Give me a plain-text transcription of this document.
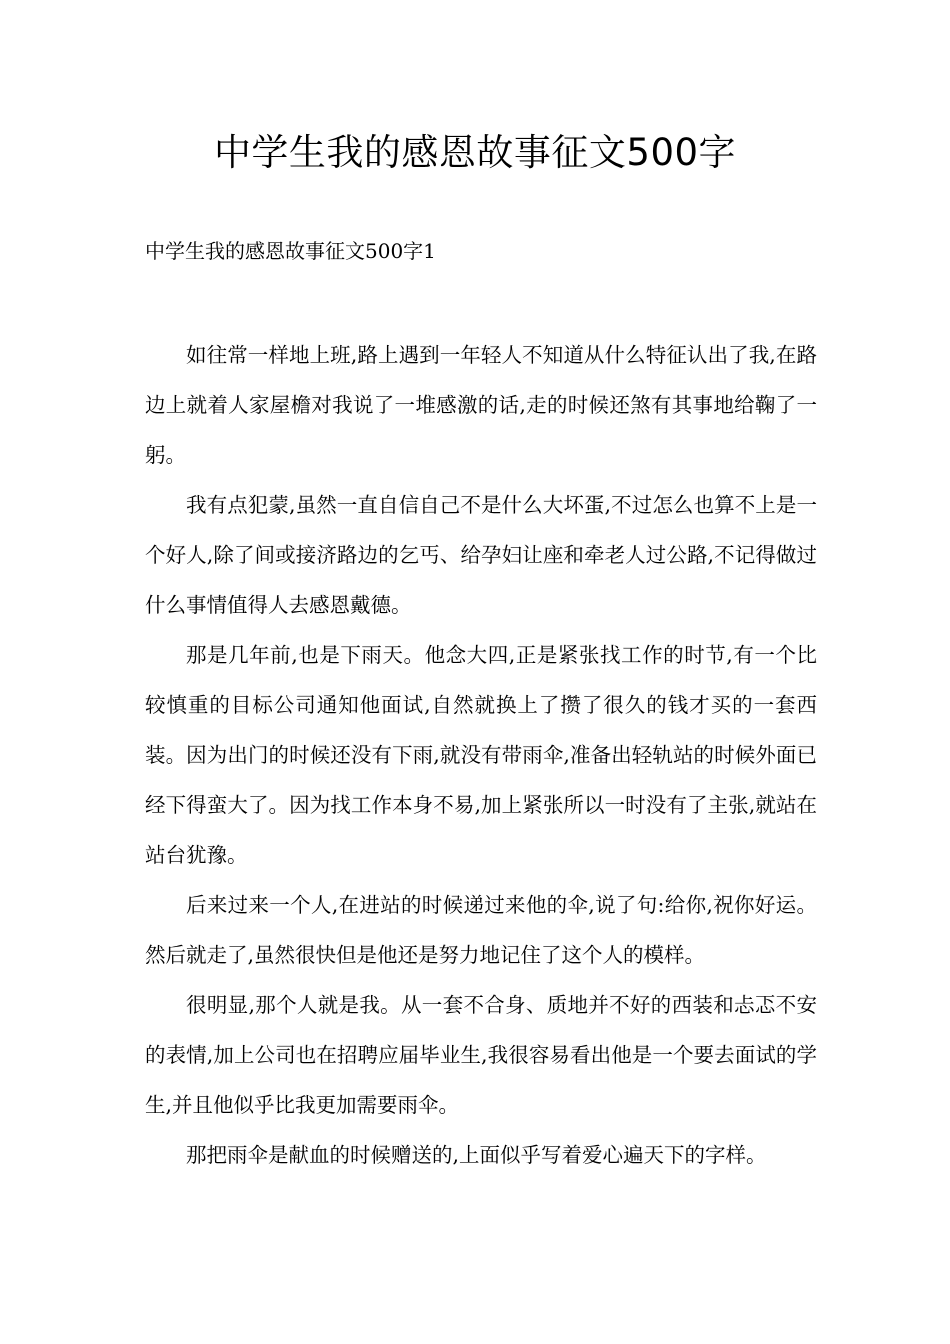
中学生我的感恩故事征文500字
中学生我的感恩故事征文500字1

如往常一样地上班,路上遇到一年轻人不知道从什么特征认出了我,在路边上就着人家屋檐对我说了一堆感激的话,走的时候还煞有其事地给鞠了一躬。

我有点犯蒙,虽然一直自信自己不是什么大坏蛋,不过怎么也算不上是一个好人,除了间或接济路边的乞丐、给孕妇让座和牵老人过公路,不记得做过什么事情值得人去感恩戴德。

那是几年前,也是下雨天。他念大四,正是紧张找工作的时节,有一个比较慎重的目标公司通知他面试,自然就换上了攒了很久的钱才买的一套西装。因为出门的时候还没有下雨,就没有带雨伞,准备出轻轨站的时候外面已经下得蛮大了。因为找工作本身不易,加上紧张所以一时没有了主张,就站在站台犹豫。

后来过来一个人,在进站的时候递过来他的伞,说了句:给你,祝你好运。然后就走了,虽然很快但是他还是努力地记住了这个人的模样。

很明显,那个人就是我。从一套不合身、质地并不好的西装和忐忑不安的表情,加上公司也在招聘应届毕业生,我很容易看出他是一个要去面试的学生,并且他似乎比我更加需要雨伞。

那把雨伞是献血的时候赠送的,上面似乎写着爱心遍天下的字样。
